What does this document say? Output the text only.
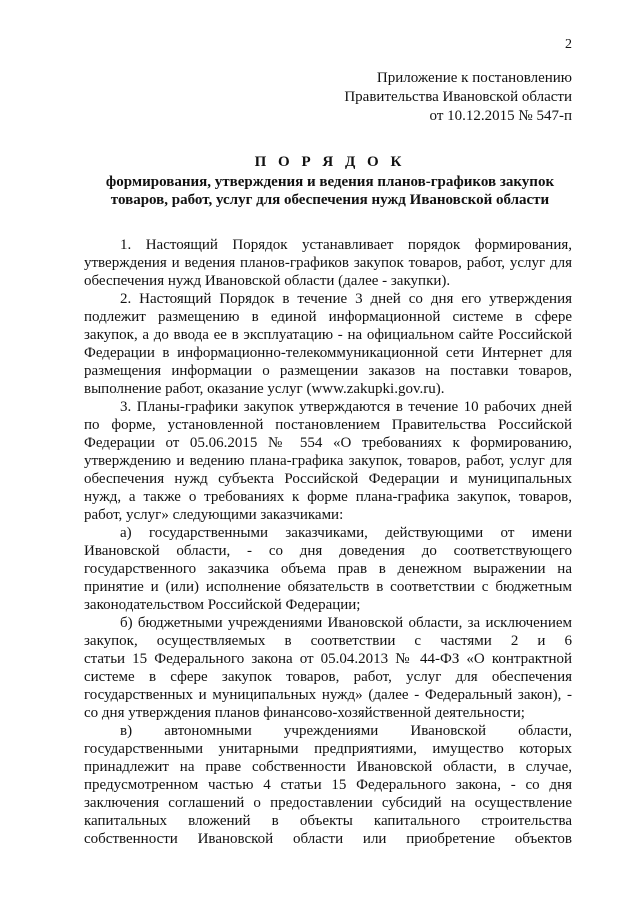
2
Приложение к постановлению
Правительства Ивановской области
от 10.12.2015 № 547-п
П О Р Я Д О К
формирования, утверждения и ведения планов-графиков закупок
товаров, работ, услуг для обеспечения нужд Ивановской области
1. Настоящий Порядок устанавливает порядок формирования,
утверждения и ведения планов-графиков закупок товаров, работ, услуг для
обеспечения нужд Ивановской области (далее - закупки).
2. Настоящий Порядок в течение 3 дней со дня его утверждения
подлежит размещению в единой информационной системе в сфере
закупок, а до ввода ее в эксплуатацию - на официальном сайте Российской
Федерации в информационно-телекоммуникационной сети Интернет для
размещения информации о размещении заказов на поставки товаров,
выполнение работ, оказание услуг (www.zakupki.gov.ru).
3. Планы-графики закупок утверждаются в течение 10 рабочих дней
по форме, установленной постановлением Правительства Российской
Федерации от 05.06.2015 № 554 «О требованиях к формированию,
утверждению и ведению плана-графика закупок, товаров, работ, услуг для
обеспечения нужд субъекта Российской Федерации и муниципальных
нужд, а также о требованиях к форме плана-графика закупок, товаров,
работ, услуг» следующими заказчиками:
а) государственными заказчиками, действующими от имени
Ивановской области, - со дня доведения до соответствующего
государственного заказчика объема прав в денежном выражении на
принятие и (или) исполнение обязательств в соответствии с бюджетным
законодательством Российской Федерации;
б) бюджетными учреждениями Ивановской области, за исключением
закупок, осуществляемых в соответствии с частями 2 и 6
статьи 15 Федерального закона от 05.04.2013 № 44-ФЗ «О контрактной
системе в сфере закупок товаров, работ, услуг для обеспечения
государственных и муниципальных нужд» (далее - Федеральный закон), -
со дня утверждения планов финансово-хозяйственной деятельности;
в) автономными учреждениями Ивановской области,
государственными унитарными предприятиями, имущество которых
принадлежит на праве собственности Ивановской области, в случае,
предусмотренном частью 4 статьи 15 Федерального закона, - со дня
заключения соглашений о предоставлении субсидий на осуществление
капитальных вложений в объекты капитального строительства
собственности Ивановской области или приобретение объектов
